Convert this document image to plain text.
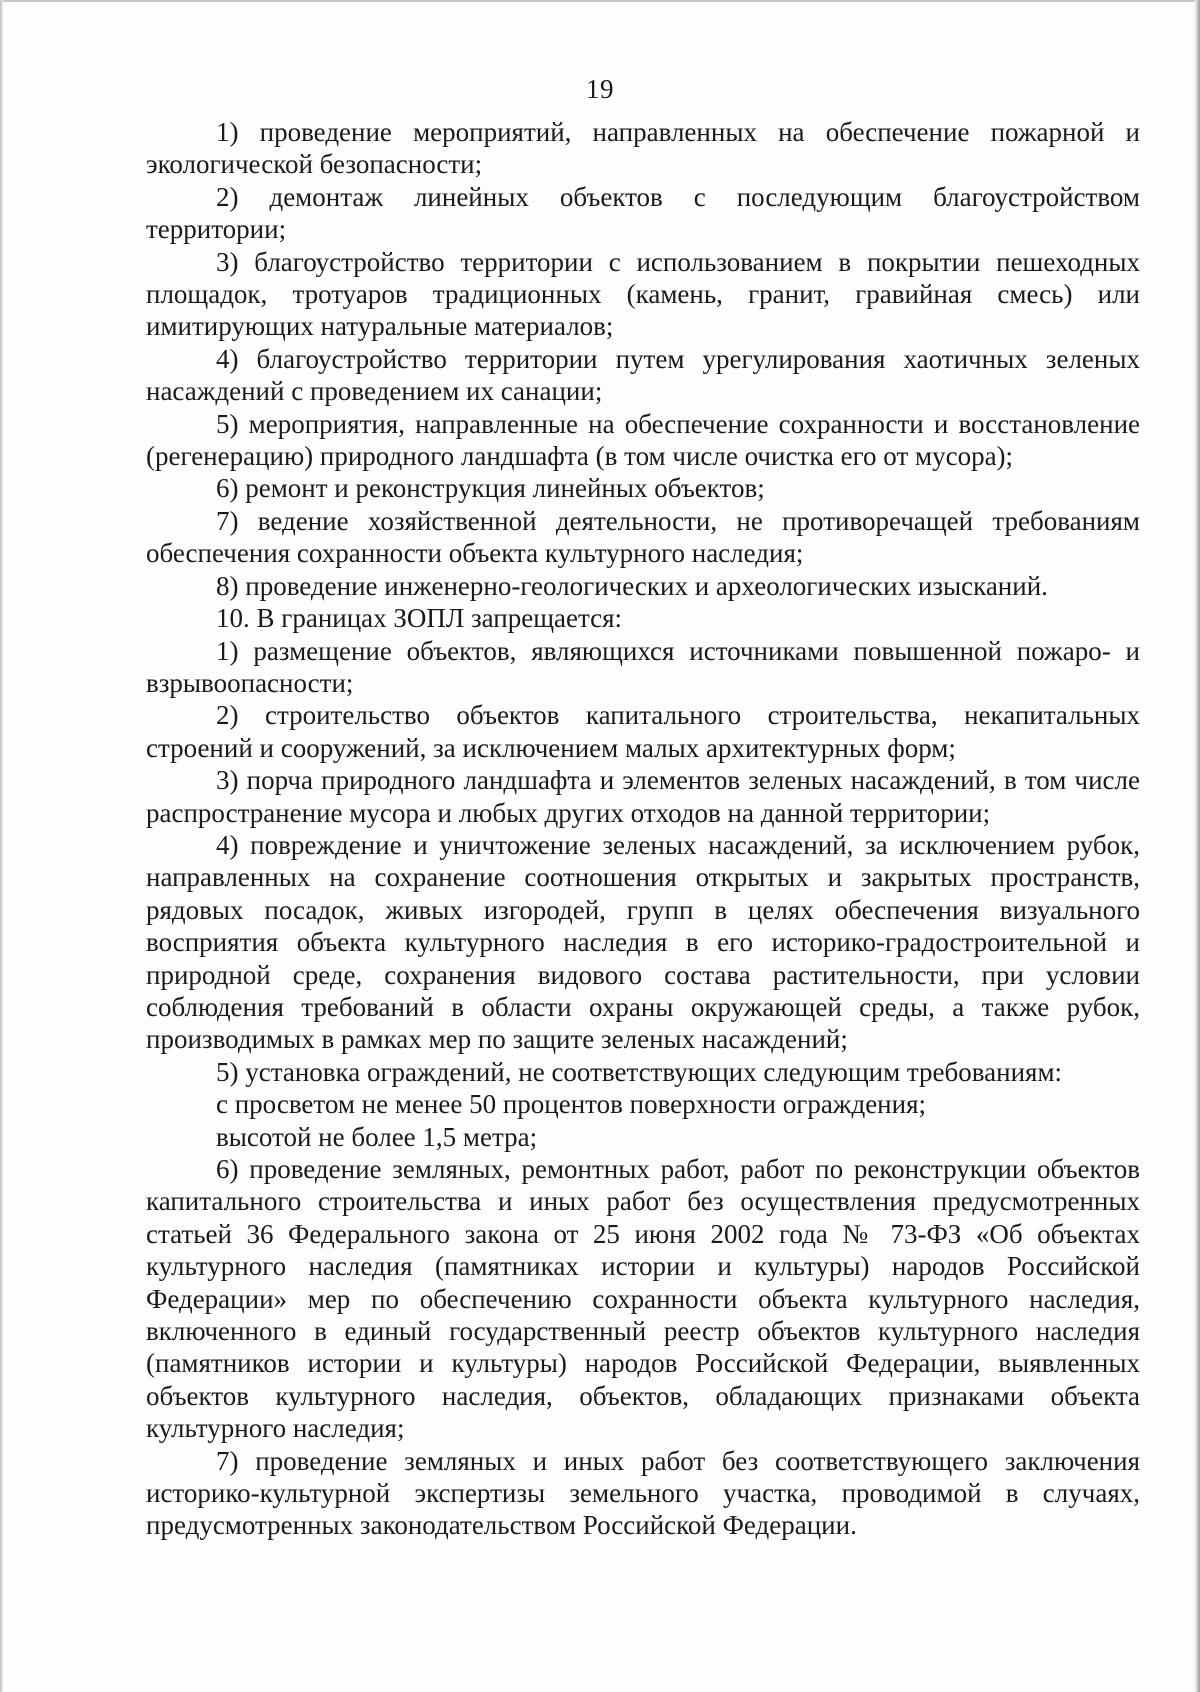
19

1) проведение мероприятий, направленных на обеспечение пожарной и экологической безопасности;

2) демонтаж линейных объектов с последующим благоустройством территории;

3) благоустройство территории с использованием в покрытии пешеходных площадок, тротуаров традиционных (камень, гранит, гравийная смесь) или имитирующих натуральные материалов;

4) благоустройство территории путем урегулирования хаотичных зеленых насаждений с проведением их санации;

5) мероприятия, направленные на обеспечение сохранности и восстановление (регенерацию) природного ландшафта (в том числе очистка его от мусора);

6) ремонт и реконструкция линейных объектов;

7) ведение хозяйственной деятельности, не противоречащей требованиям обеспечения сохранности объекта культурного наследия;

8) проведение инженерно-геологических и археологических изысканий.

10. В границах ЗОПЛ запрещается:

1) размещение объектов, являющихся источниками повышенной пожаро- и взрывоопасности;

2) строительство объектов капитального строительства, некапитальных строений и сооружений, за исключением малых архитектурных форм;

3) порча природного ландшафта и элементов зеленых насаждений, в том числе распространение мусора и любых других отходов на данной территории;

4) повреждение и уничтожение зеленых насаждений, за исключением рубок, направленных на сохранение соотношения открытых и закрытых пространств, рядовых посадок, живых изгородей, групп в целях обеспечения визуального восприятия объекта культурного наследия в его историко-градостроительной и природной среде, сохранения видового состава растительности, при условии соблюдения требований в области охраны окружающей среды, а также рубок, производимых в рамках мер по защите зеленых насаждений;

5) установка ограждений, не соответствующих следующим требованиям:

с просветом не менее 50 процентов поверхности ограждения;

высотой не более 1,5 метра;

6) проведение земляных, ремонтных работ, работ по реконструкции объектов капитального строительства и иных работ без осуществления предусмотренных статьей 36 Федерального закона от 25 июня 2002 года № 73-ФЗ «Об объектах культурного наследия (памятниках истории и культуры) народов Российской Федерации» мер по обеспечению сохранности объекта культурного наследия, включенного в единый государственный реестр объектов культурного наследия (памятников истории и культуры) народов Российской Федерации, выявленных объектов культурного наследия, объектов, обладающих признаками объекта культурного наследия;

7) проведение земляных и иных работ без соответствующего заключения историко-культурной экспертизы земельного участка, проводимой в случаях, предусмотренных законодательством Российской Федерации.
